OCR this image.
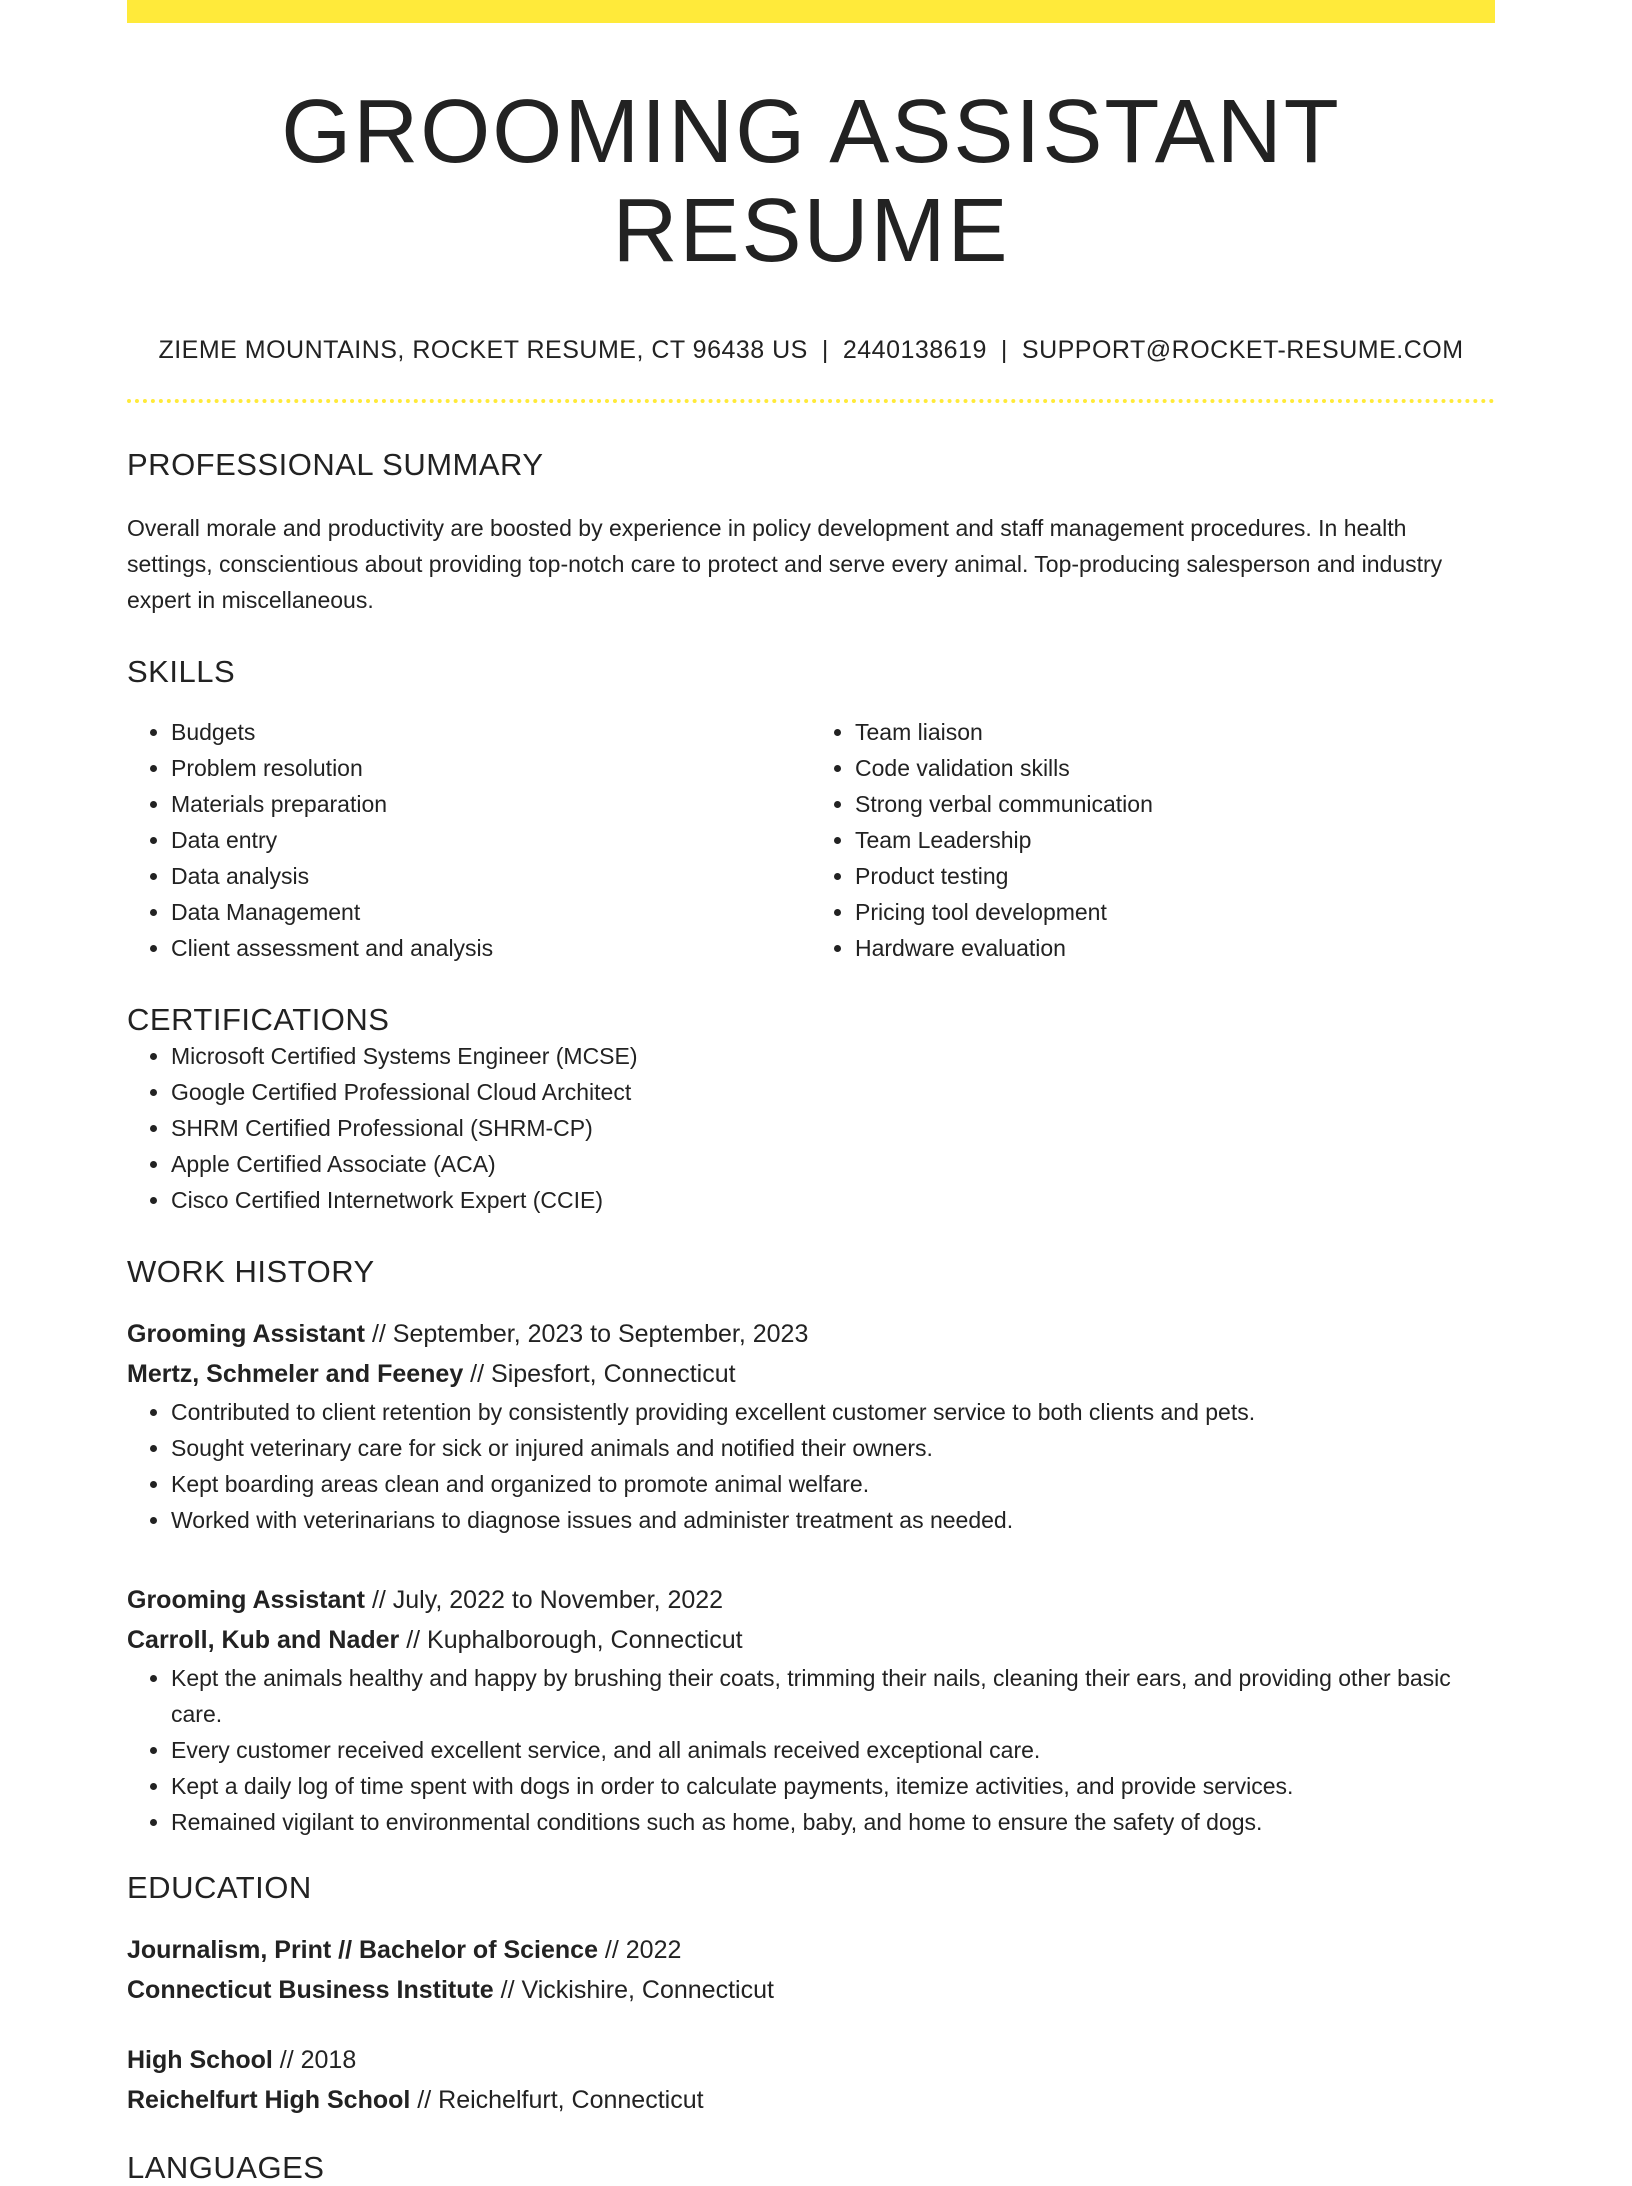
GROOMING ASSISTANT RESUME
ZIEME MOUNTAINS, ROCKET RESUME, CT 96438 US | 2440138619 | SUPPORT@ROCKET-RESUME.COM
PROFESSIONAL SUMMARY

Overall morale and productivity are boosted by experience in policy development and staff management procedures. In health settings, conscientious about providing top-notch care to protect and serve every animal. Top-producing salesperson and industry expert in miscellaneous.

SKILLS
• Budgets
• Problem resolution
• Materials preparation
• Data entry
• Data analysis
• Data Management
• Client assessment and analysis
• Team liaison
• Code validation skills
• Strong verbal communication
• Team Leadership
• Product testing
• Pricing tool development
• Hardware evaluation
CERTIFICATIONS
• Microsoft Certified Systems Engineer (MCSE)
• Google Certified Professional Cloud Architect
• SHRM Certified Professional (SHRM-CP)
• Apple Certified Associate (ACA)
• Cisco Certified Internetwork Expert (CCIE)
WORK HISTORY
Grooming Assistant // September, 2023 to September, 2023
Mertz, Schmeler and Feeney // Sipesfort, Connecticut
• Contributed to client retention by consistently providing excellent customer service to both clients and pets.
• Sought veterinary care for sick or injured animals and notified their owners.
• Kept boarding areas clean and organized to promote animal welfare.
• Worked with veterinarians to diagnose issues and administer treatment as needed.
Grooming Assistant // July, 2022 to November, 2022
Carroll, Kub and Nader // Kuphalborough, Connecticut
• Kept the animals healthy and happy by brushing their coats, trimming their nails, cleaning their ears, and providing other basic care.
• Every customer received excellent service, and all animals received exceptional care.
• Kept a daily log of time spent with dogs in order to calculate payments, itemize activities, and provide services.
• Remained vigilant to environmental conditions such as home, baby, and home to ensure the safety of dogs.
EDUCATION
Journalism, Print // Bachelor of Science // 2022
Connecticut Business Institute // Vickishire, Connecticut
High School // 2018
Reichelfurt High School // Reichelfurt, Connecticut
LANGUAGES
